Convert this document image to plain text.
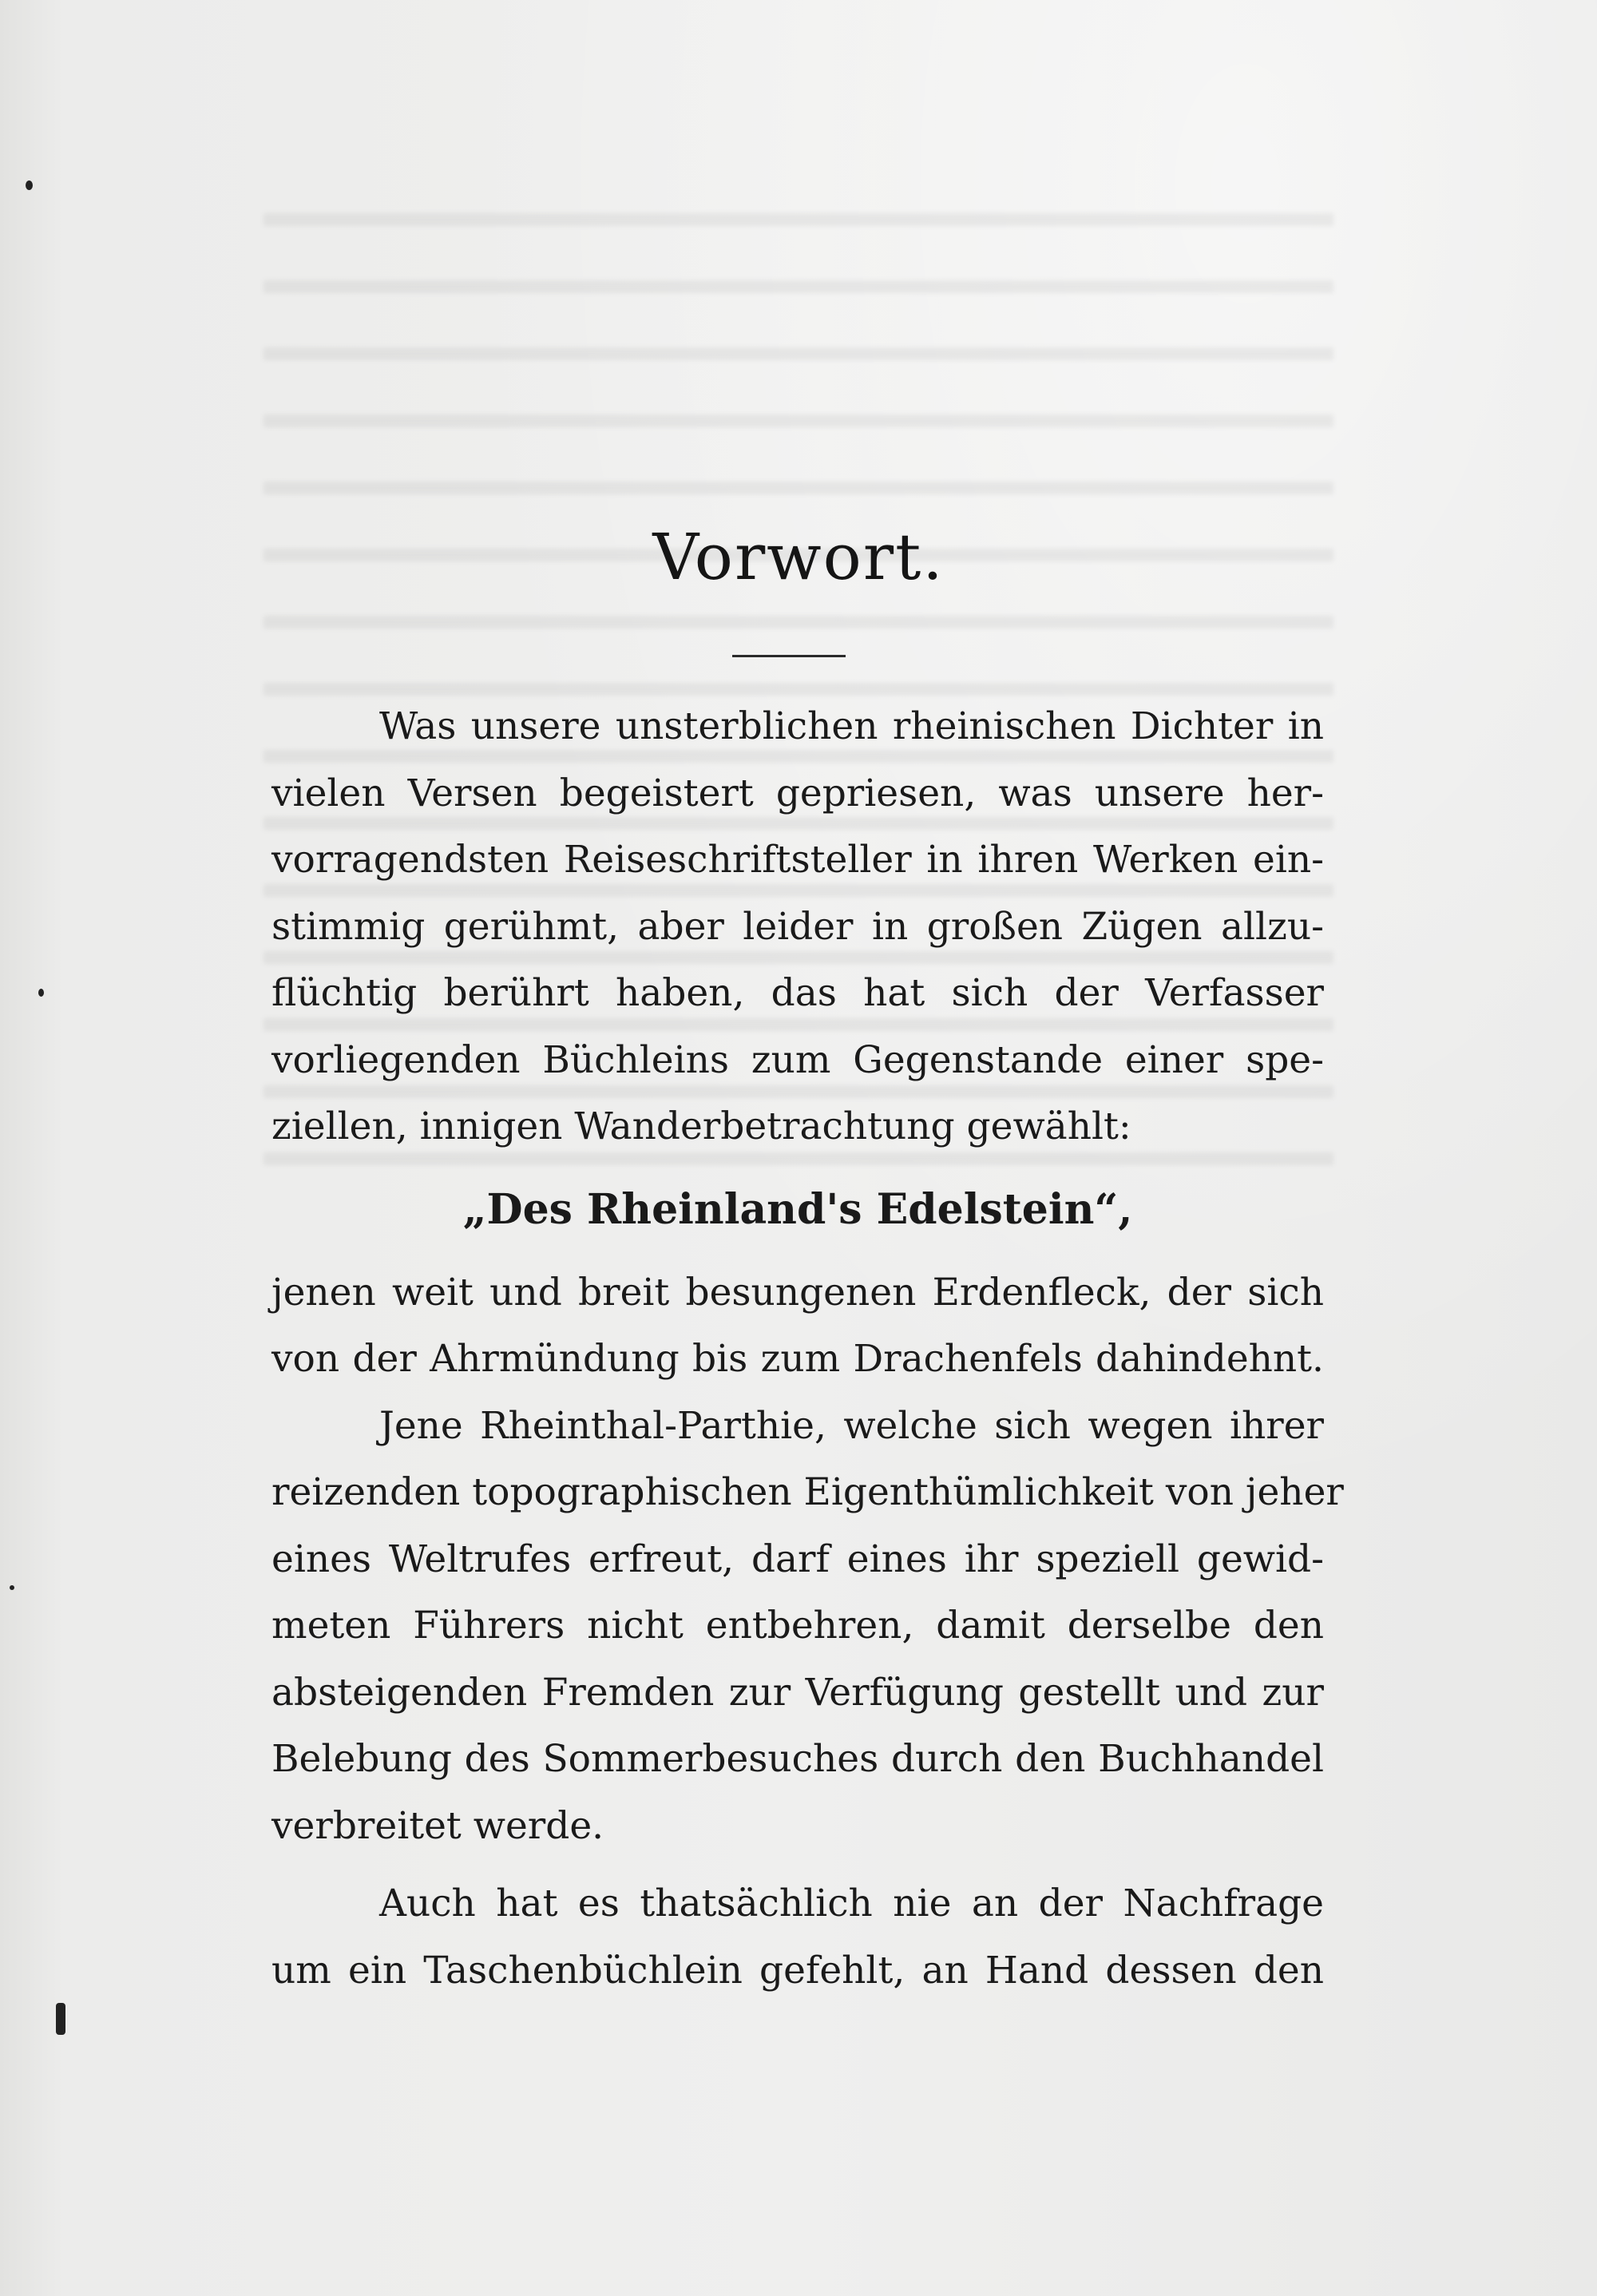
Vorwort.
Was unsere unsterblichen rheinischen Dichter in
vielen Versen begeistert gepriesen, was unsere her-
vorragendsten Reiseschriftsteller in ihren Werken ein-
stimmig gerühmt, aber leider in großen Zügen allzu-
flüchtig berührt haben, das hat sich der Verfasser
vorliegenden Büchleins zum Gegenstande einer spe-
ziellen, innigen Wanderbetrachtung gewählt:
„Des Rheinland's Edelstein“,
jenen weit und breit besungenen Erdenfleck, der sich
von der Ahrmündung bis zum Drachenfels dahindehnt.
Jene Rheinthal-Parthie, welche sich wegen ihrer
reizenden topographischen Eigenthümlichkeit von jeher
eines Weltrufes erfreut, darf eines ihr speziell gewid-
meten Führers nicht entbehren, damit derselbe den
absteigenden Fremden zur Verfügung gestellt und zur
Belebung des Sommerbesuches durch den Buchhandel
verbreitet werde.
Auch hat es thatsächlich nie an der Nachfrage
um ein Taschenbüchlein gefehlt, an Hand dessen den
